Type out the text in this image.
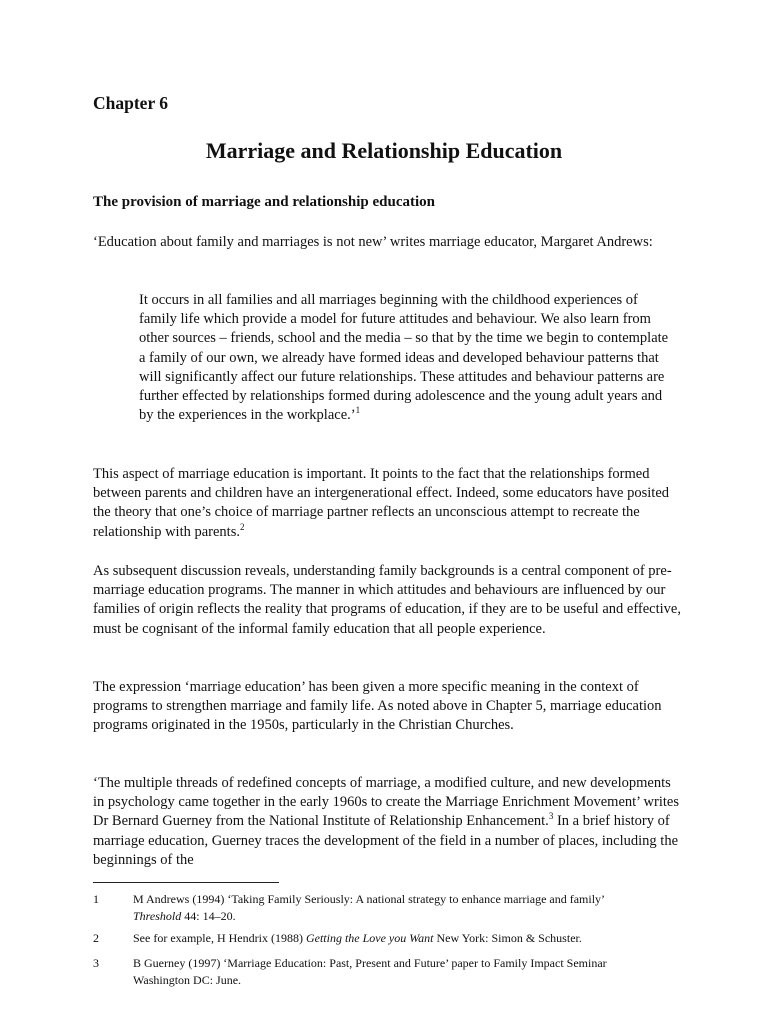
Chapter 6
Marriage and Relationship Education
The provision of marriage and relationship education

‘Education about family and marriages is not new’ writes marriage educator, Margaret Andrews:

It occurs in all families and all marriages beginning with the childhood experiences of family life which provide a model for future attitudes and behaviour. We also learn from other sources – friends, school and the media – so that by the time we begin to contemplate a family of our own, we already have formed ideas and developed behaviour patterns that will significantly affect our future relationships. These attitudes and behaviour patterns are further effected by relationships formed during adolescence and the young adult years and by the experiences in the workplace.’$^1$

This aspect of marriage education is important. It points to the fact that the relationships formed between parents and children have an intergenerational effect. Indeed, some educators have posited the theory that one’s choice of marriage partner reflects an unconscious attempt to recreate the relationship with parents.$^2$

As subsequent discussion reveals, understanding family backgrounds is a central component of pre-marriage education programs. The manner in which attitudes and behaviours are influenced by our families of origin reflects the reality that programs of education, if they are to be useful and effective, must be cognisant of the informal family education that all people experience.

The expression ‘marriage education’ has been given a more specific meaning in the context of programs to strengthen marriage and family life. As noted above in Chapter 5, marriage education programs originated in the 1950s, particularly in the Christian Churches.

‘The multiple threads of redefined concepts of marriage, a modified culture, and new developments in psychology came together in the early 1960s to create the Marriage Enrichment Movement’ writes Dr Bernard Guerney from the National Institute of Relationship Enhancement.$^3$ In a brief history of marriage education, Guerney traces the development of the field in a number of places, including the beginnings of the

1	M Andrews (1994) ‘Taking Family Seriously: A national strategy to enhance marriage and family’ Threshold 44: 14–20.

2	See for example, H Hendrix (1988) Getting the Love you Want New York: Simon & Schuster.

3	B Guerney (1997) ‘Marriage Education: Past, Present and Future’ paper to Family Impact Seminar Washington DC: June.
